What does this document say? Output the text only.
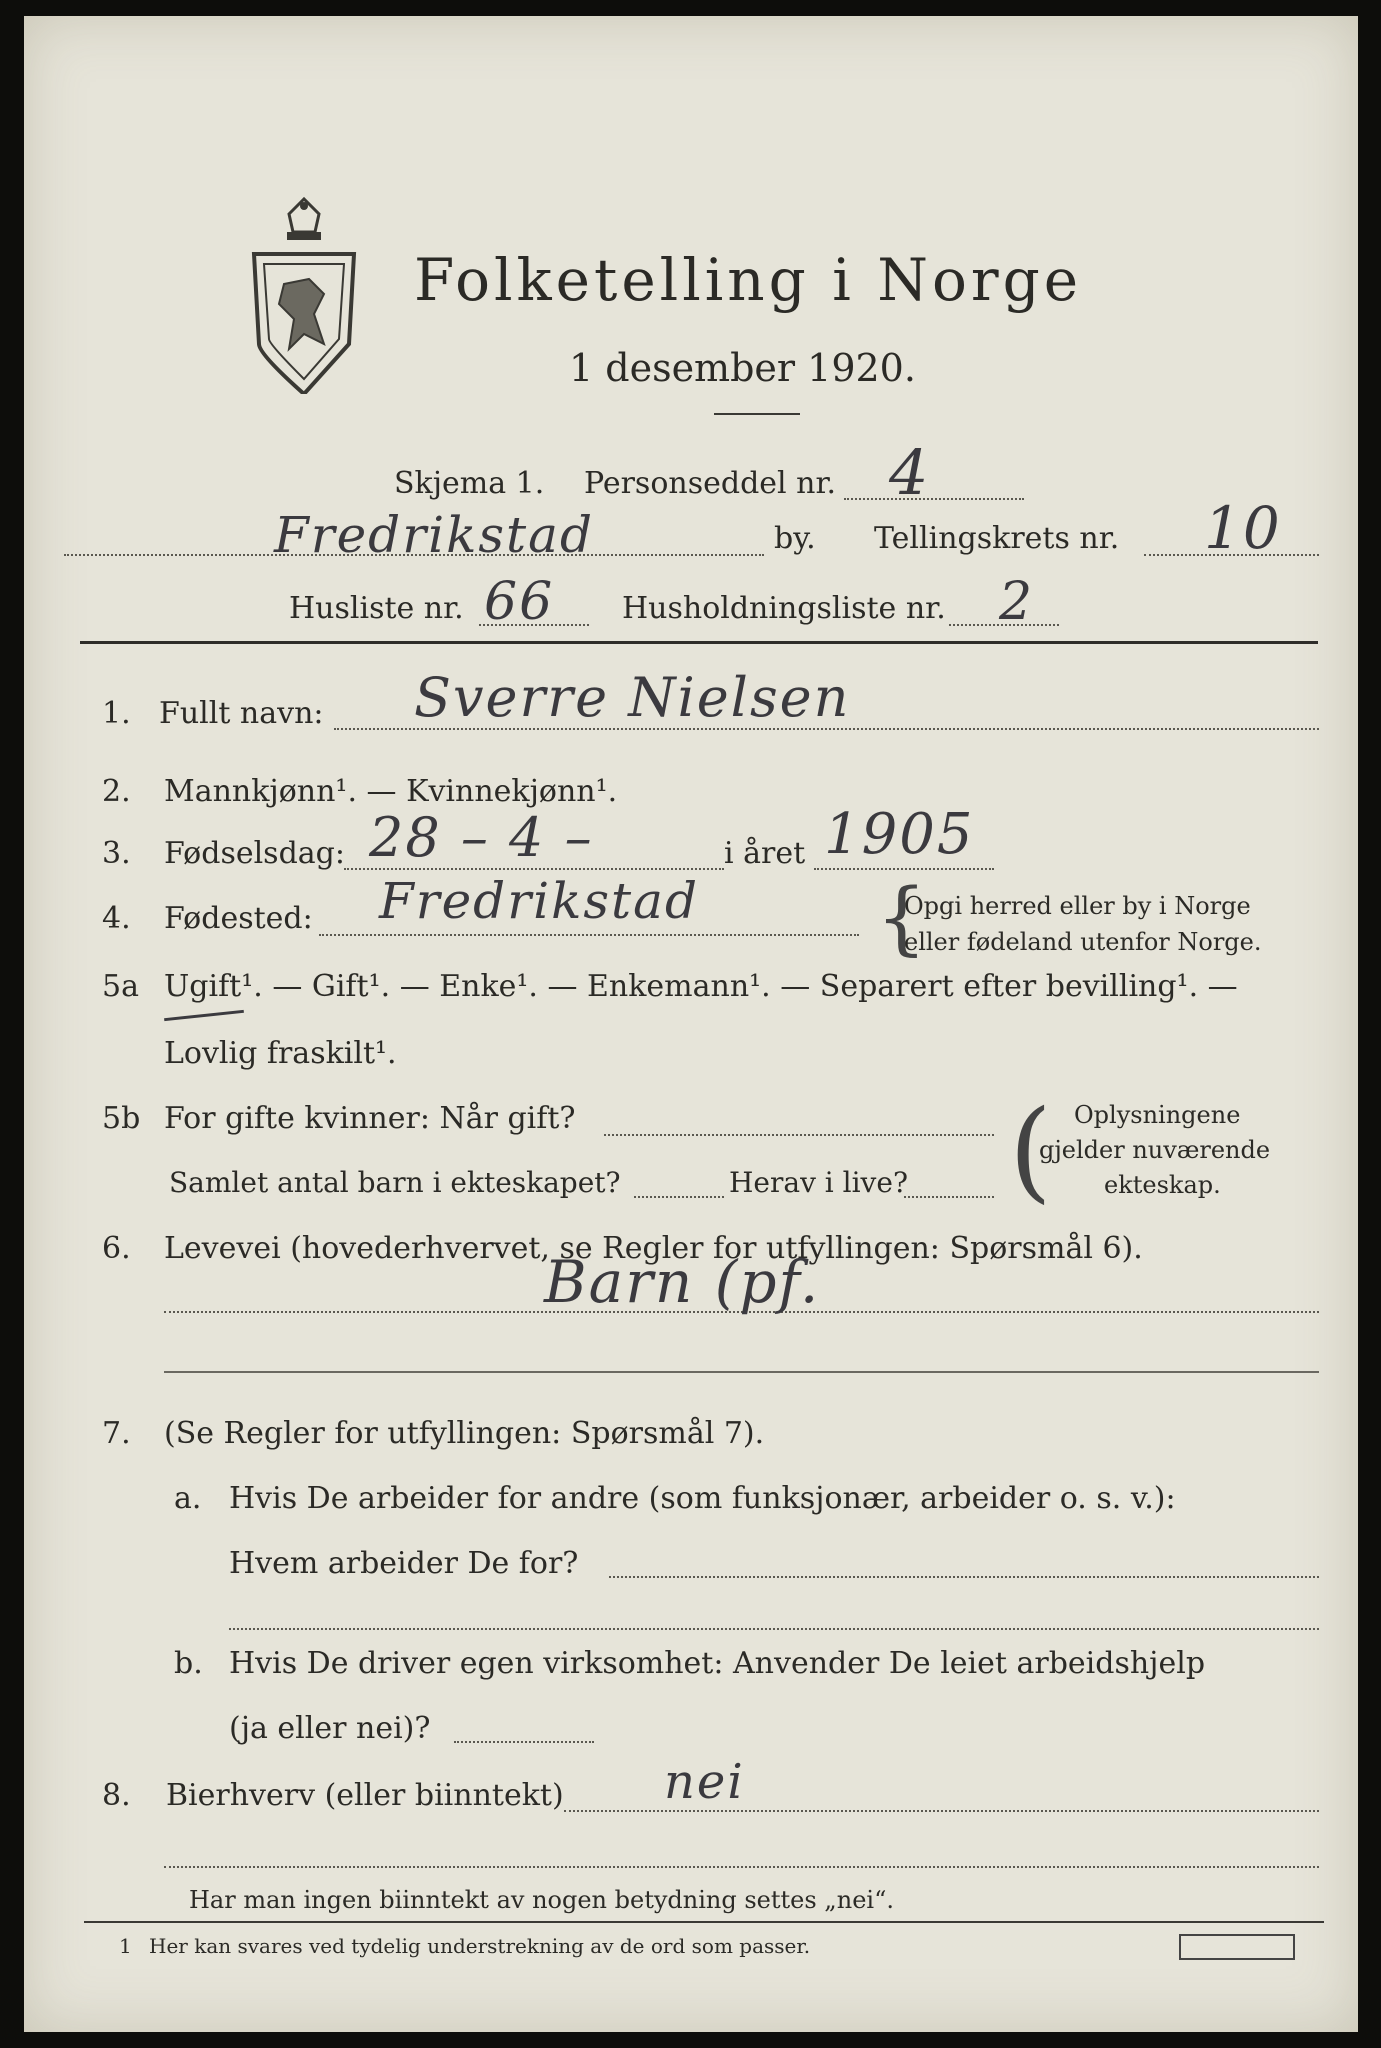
Folketelling i Norge
1 desember 1920.
Skjema 1. Personseddel nr. 4
Fredrikstad	by. Tellingskrets nr. 10
Husliste nr. 66 Husholdningsliste nr. 2
1. Fullt navn: Sverre Nielsen
2. Mannkjønn¹. — Kvinnekjønn¹.
3. Fødselsdag: 28 – 4 –	i året 1905
4. Fødested: Fredrikstad {
Opgi herred eller by i Norge
eller fødeland utenfor Norge.
5a Ugift¹. — Gift¹. — Enke¹. — Enkemann¹. — Separert efter bevilling¹. —
Lovlig fraskilt¹.
5b For gifte kvinner: Når gift?
Samlet antal barn i ekteskapet?	Herav i live? ( Oplysningene
gjelder nuværende
ekteskap.
6. Levevei (hovederhvervet, se Regler for utfyllingen: Spørsmål 6).
Barn (pf.
7. (Se Regler for utfyllingen: Spørsmål 7).
a. Hvis De arbeider for andre (som funksjonær, arbeider o. s. v.):
Hvem arbeider De for?
b. Hvis De driver egen virksomhet: Anvender De leiet arbeidshjelp
(ja eller nei)?
8. Bierhverv (eller biinntekt) nei
Har man ingen biinntekt av nogen betydning settes „nei“.
1 Her kan svares ved tydelig understrekning av de ord som passer.
